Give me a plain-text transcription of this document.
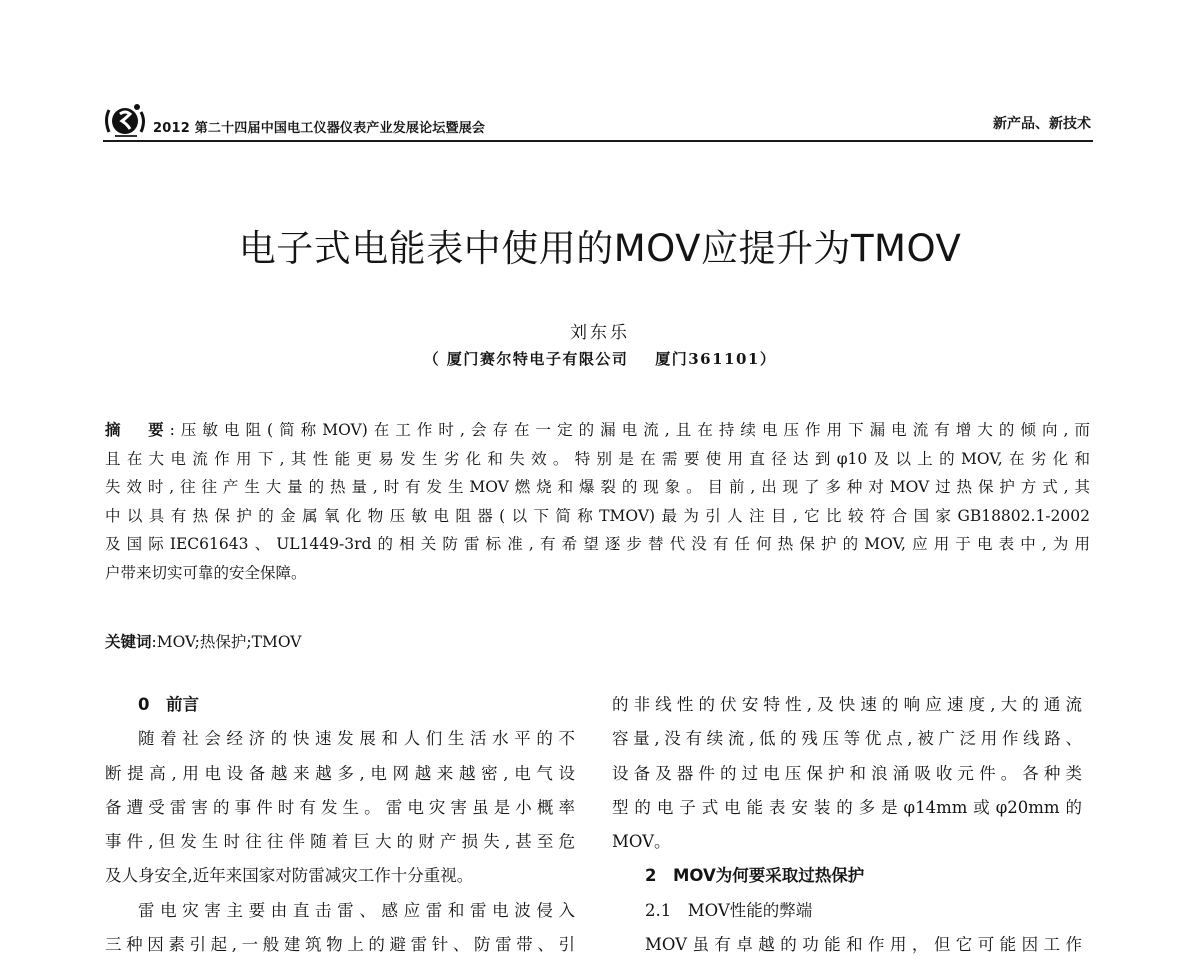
2012 第二十四届中国电工仪器仪表产业发展论坛暨展会	新产品、新技术
电子式电能表中使用的MOV应提升为TMOV
刘东乐
（ 厦门赛尔特电子有限公司    厦门361101）
摘　要:压敏电阻(简称MOV)在工作时,会存在一定的漏电流,且在持续电压作用下漏电流有增大的倾向,而
且在大电流作用下,其性能更易发生劣化和失效。特别是在需要使用直径达到φ10及以上的MOV,在劣化和
失效时,往往产生大量的热量,时有发生MOV燃烧和爆裂的现象。目前,出现了多种对MOV过热保护方式,其
中以具有热保护的金属氧化物压敏电阻器(以下简称TMOV)最为引人注目,它比较符合国家GB18802.1-2002
及国际IEC61643、UL1449-3rd的相关防雷标准,有希望逐步替代没有任何热保护的MOV,应用于电表中,为用
户带来切实可靠的安全保障。
关键词:MOV;热保护;TMOV
0　前言
随着社会经济的快速发展和人们生活水平的不
断提高,用电设备越来越多,电网越来越密,电气设
备遭受雷害的事件时有发生。雷电灾害虽是小概率
事件,但发生时往往伴随着巨大的财产损失,甚至危
及人身安全,近年来国家对防雷减灾工作十分重视。
雷电灾害主要由直击雷、感应雷和雷电波侵入
三种因素引起,一般建筑物上的避雷针、防雷带、引
的非线性的伏安特性,及快速的响应速度,大的通流
容量,没有续流,低的残压等优点,被广泛用作线路、
设备及器件的过电压保护和浪涌吸收元件。各种类
型的电子式电能表安装的多是φ14mm或φ20mm的
MOV。
2　MOV为何要采取过热保护
2.1　MOV性能的弊端
MOV虽有卓越的功能和作用，但它可能因工作
